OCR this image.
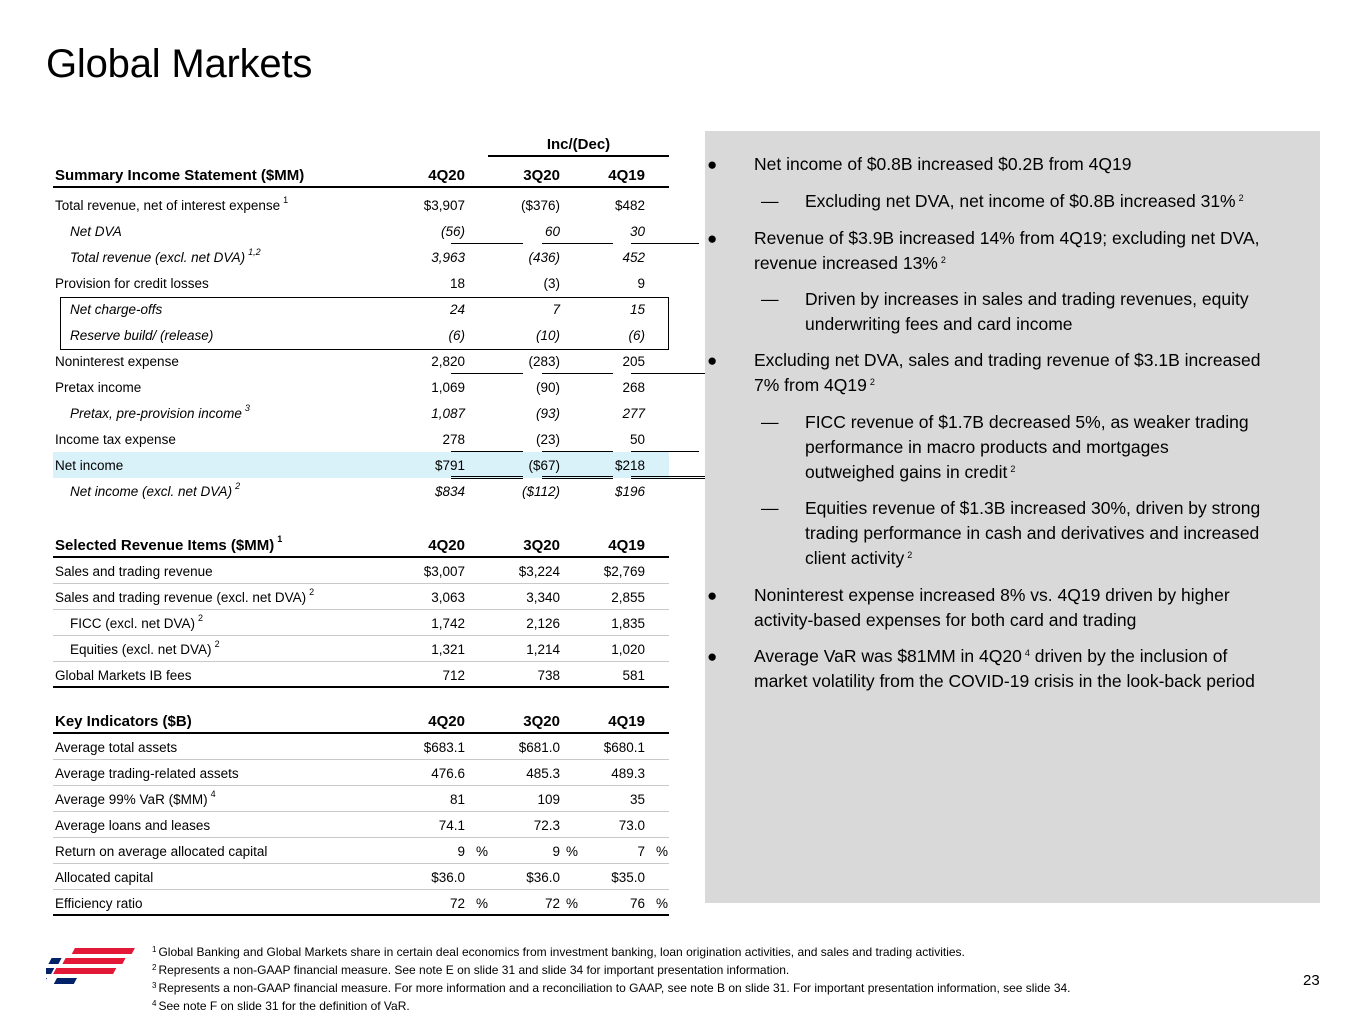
Global Markets
Inc/(Dec)
Summary Income Statement ($MM)	4Q20	3Q20	4Q19
Total revenue, net of interest expense $^1$	$3,907	($376)	$482
Net DVA	(56)	60	30
Total revenue (excl. net DVA) $^{1,2}$	3,963	(436)	452
Provision for credit losses	18	(3)	9
Net charge-offs	24	7	15
Reserve build/ (release)	(6)	(10)	(6)
Noninterest expense	2,820	(283)	205
Pretax income	1,069	(90)	268
Pretax, pre-provision income $^3$	1,087	(93)	277
Income tax expense	278	(23)	50
Net income	$791	($67)	$218
Net income (excl. net DVA) $^2$	$834	($112)	$196
Selected Revenue Items ($MM) $^1$	4Q20	3Q20	4Q19
Sales and trading revenue	$3,007	$3,224	$2,769
Sales and trading revenue (excl. net DVA) $^2$	3,063	3,340	2,855
FICC (excl. net DVA) $^2$	1,742	2,126	1,835
Equities (excl. net DVA) $^2$	1,321	1,214	1,020
Global Markets IB fees	712	738	581
Key Indicators ($B)	4Q20	3Q20	4Q19
Average total assets	$683.1	$681.0	$680.1
Average trading-related assets	476.6	485.3	489.3
Average 99% VaR ($MM) $^4$	81	109	35
Average loans and leases	74.1	72.3	73.0
Return on average allocated capital	9 %	9 %	7 %
Allocated capital	$36.0	$36.0	$35.0
Efficiency ratio	72 %	72 %	76 %
● Net income of $0.8B increased $0.2B from 4Q19
— Excluding net DVA, net income of $0.8B increased 31% $^2$
● Revenue of $3.9B increased 14% from 4Q19; excluding net DVA,
revenue increased 13% $^2$
— Driven by increases in sales and trading revenues, equity
underwriting fees and card income
● Excluding net DVA, sales and trading revenue of $3.1B increased
7% from 4Q19 $^2$
— FICC revenue of $1.7B decreased 5%, as weaker trading
performance in macro products and mortgages
outweighed gains in credit $^2$
— Equities revenue of $1.3B increased 30%, driven by strong
trading performance in cash and derivatives and increased
client activity $^2$
● Noninterest expense increased 8% vs. 4Q19 driven by higher
activity-based expenses for both card and trading
● Average VaR was $81MM in 4Q20 $^4$ driven by the inclusion of
market volatility from the COVID-19 crisis in the look-back period
$^1$ Global Banking and Global Markets share in certain deal economics from investment banking, loan origination activities, and sales and trading activities.
$^2$ Represents a non-GAAP financial measure. See note E on slide 31 and slide 34 for important presentation information.
$^3$ Represents a non-GAAP financial measure. For more information and a reconciliation to GAAP, see note B on slide 31. For important presentation information, see slide 34.
$^4$ See note F on slide 31 for the definition of VaR.
23
